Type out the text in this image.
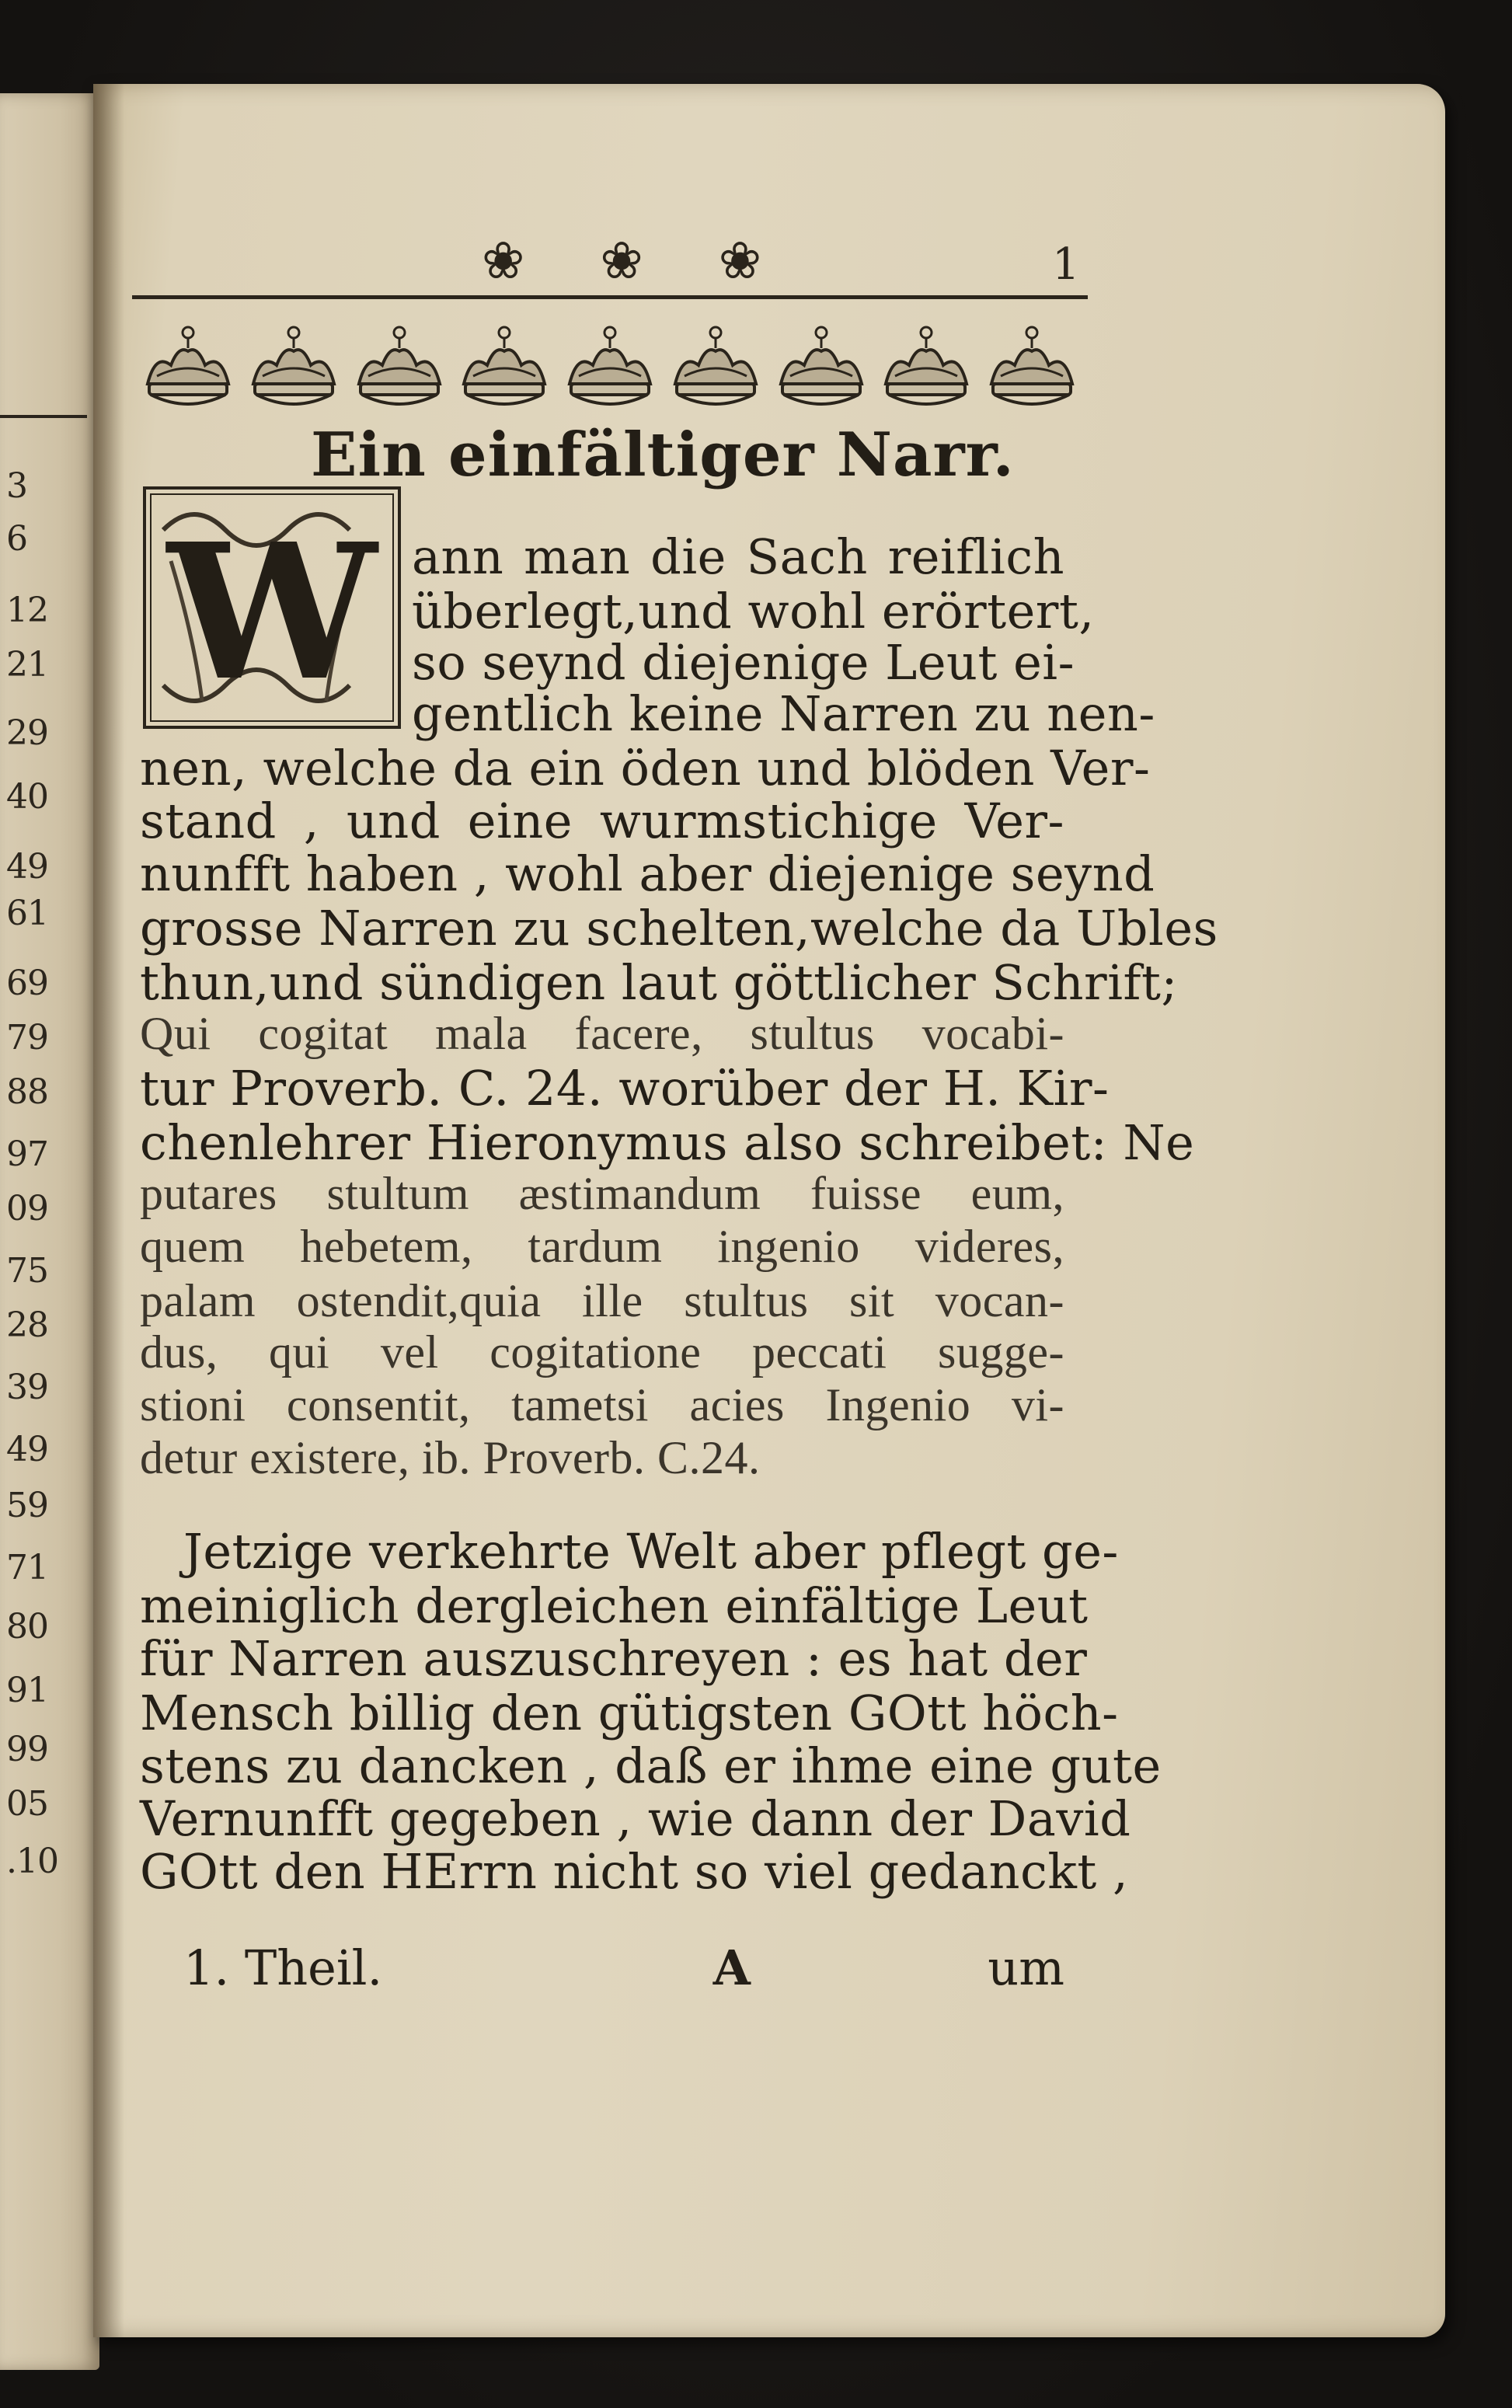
3
6
12
21
29
40
49
61
69
79
88
97
09
75
28
39
49
59
71
80
91
99
05
.10
❀ ❀ ❀	1
Ein einfältiger Narr.
W ann man die Sach reiflich
überlegt,und wohl erörtert,
so seynd diejenige Leut ei-
gentlich keine Narren zu nen-
nen, welche da ein öden und blöden Ver-
stand , und eine wurmstichige Ver-
nunfft haben , wohl aber diejenige seynd
grosse Narren zu schelten,welche da Ubles
thun,und sündigen laut göttlicher Schrift;
Qui cogitat mala facere, stultus vocabi-
tur Proverb. C. 24. worüber der H. Kir-
chenlehrer Hieronymus also schreibet: Ne
putares stultum æstimandum fuisse eum,
quem hebetem, tardum ingenio videres,
palam ostendit,quia ille stultus sit vocan-
dus, qui vel cogitatione peccati sugge-
stioni consentit, tametsi acies Ingenio vi-
detur existere, ib. Proverb. C.24.
Jetzige verkehrte Welt aber pflegt ge-
meiniglich dergleichen einfältige Leut
für Narren auszuschreyen : es hat der
Mensch billig den gütigsten GOtt höch-
stens zu dancken , daß er ihme eine gute
Vernunfft gegeben , wie dann der David
GOtt den HErrn nicht so viel gedanckt ,
1. Theil.	A	um
